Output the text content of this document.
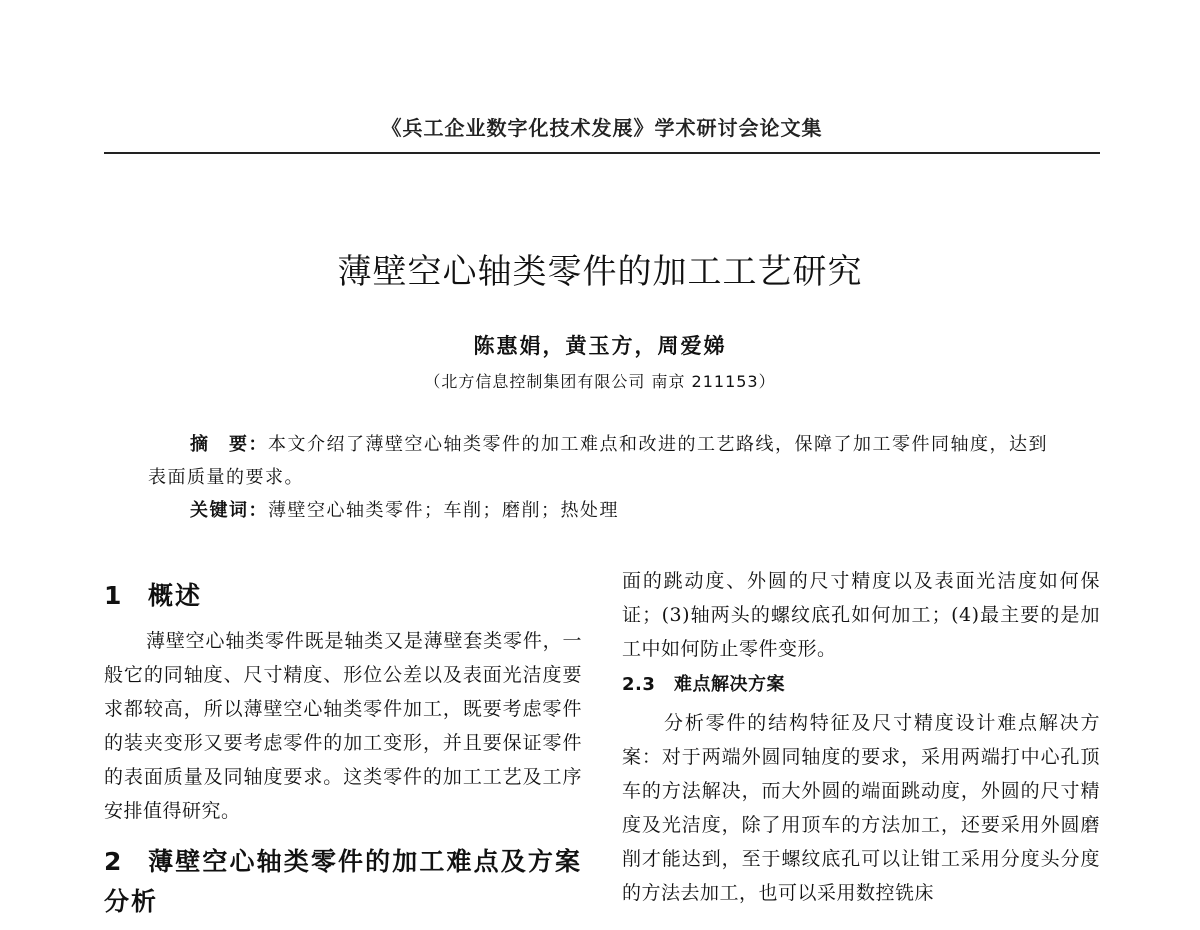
《兵工企业数字化技术发展》学术研讨会论文集
薄壁空心轴类零件的加工工艺研究
陈惠娟，黄玉方，周爱娣
（北方信息控制集团有限公司 南京 211153）

摘　要：本文介绍了薄壁空心轴类零件的加工难点和改进的工艺路线，保障了加工零件同轴度，达到表面质量的要求。

关键词：薄壁空心轴类零件；车削；磨削；热处理

1 概述

薄壁空心轴类零件既是轴类又是薄壁套类零件，一般它的同轴度、尺寸精度、形位公差以及表面光洁度要求都较高，所以薄壁空心轴类零件加工，既要考虑零件的装夹变形又要考虑零件的加工变形，并且要保证零件的表面质量及同轴度要求。这类零件的加工工艺及工序安排值得研究。

2 薄壁空心轴类零件的加工难点及方案分析

面的跳动度、外圆的尺寸精度以及表面光洁度如何保证；(3)轴两头的螺纹底孔如何加工；(4)最主要的是加工中如何防止零件变形。

2.3 难点解决方案

分析零件的结构特征及尺寸精度设计难点解决方案：对于两端外圆同轴度的要求，采用两端打中心孔顶车的方法解决，而大外圆的端面跳动度，外圆的尺寸精度及光洁度，除了用顶车的方法加工，还要采用外圆磨削才能达到，至于螺纹底孔可以让钳工采用分度头分度的方法去加工，也可以采用数控铣床
